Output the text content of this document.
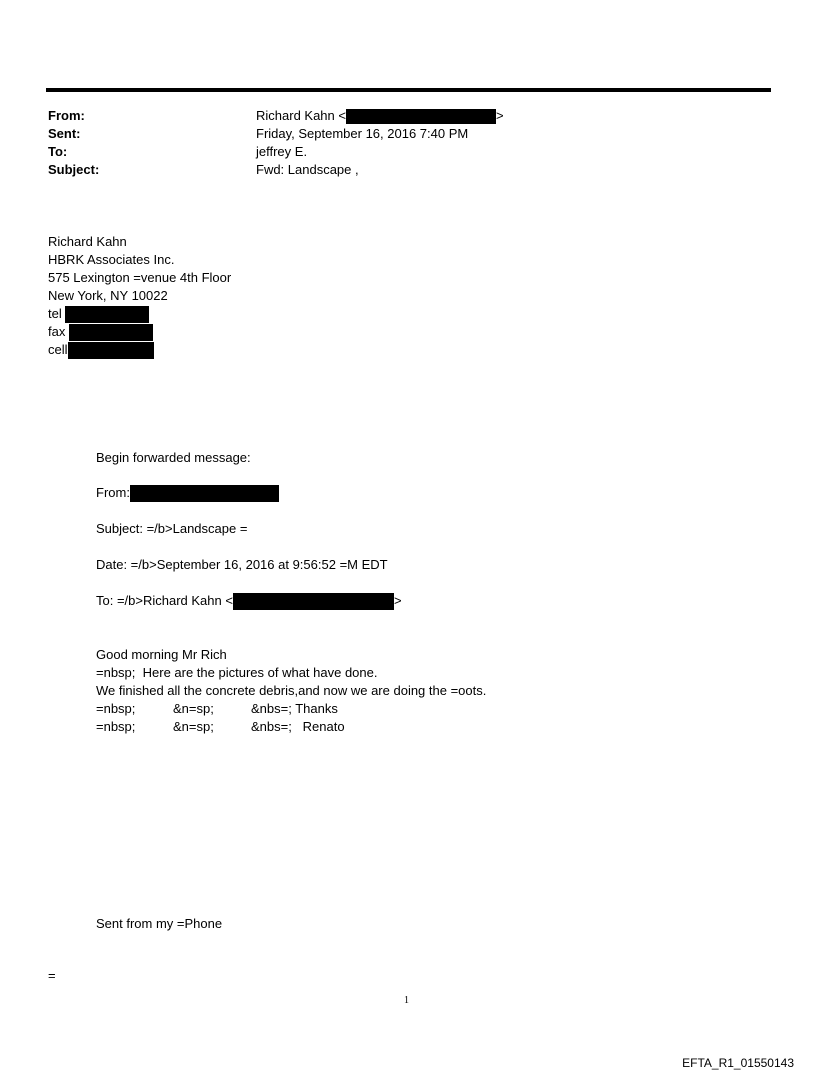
From:	Richard Kahn <	>
Sent:	Friday, September 16, 2016 7:40 PM
To:	jeffrey E.
Subject:	Fwd: Landscape ,
Richard Kahn
HBRK Associates Inc.
575 Lexington =venue 4th Floor
New York, NY 10022
tel
fax
cell
Begin forwarded message:
From:
Subject: =/b>Landscape =
Date: =/b>September 16, 2016 at 9:56:52 =M EDT
To: =/b>Richard Kahn <	>
Good morning Mr Rich
=nbsp;  Here are the pictures of what have done.
We finished all the concrete debris,and now we are doing the =oots.
=nbsp;	&n=sp;	&nbs=; Thanks
=nbsp;	&n=sp;	&nbs=;   Renato
Sent from my =Phone
=
1
EFTA_R1_01550143
